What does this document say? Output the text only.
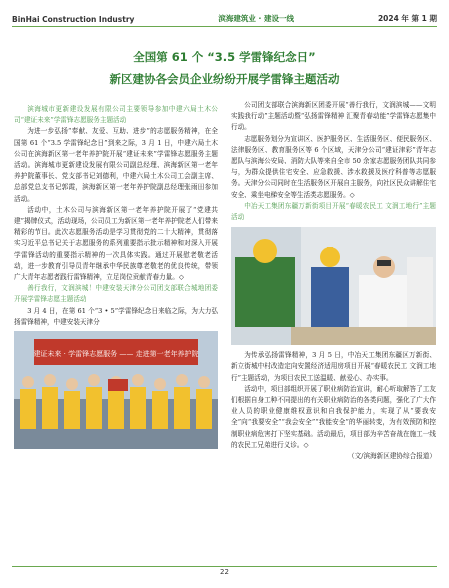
BinHai Construction Industry	滨海建筑业 · 建设一线	2024 年 第 1 期
全国第 61 个 “3.5 学雷锋纪念日”
新区建协各会员企业纷纷开展学雷锋主题活动

滨海城市更新建设发展有限公司主要领导参加中建六局土木公司“建证未来”学雷锋志愿服务主题活动

为进一步弘扬“奉献、友爱、互助、进步”的志愿服务精神，在全国第 61 个“3.5 学雷锋纪念日”到来之际，3 月 1 日，中建六局土木公司在滨海新区第一老年养护院开展“建证未来”学雷锋志愿服务主题活动。滨海城市更新建设发展有限公司副总经理、滨海新区第一老年养护院董事长、党支部书记刘德利，中建六局土木公司工会副主席、总部党总支书记郭霞，滨海新区第一老年养护院副总经理张雨田参加活动。

活动中，土木公司与滨海新区第一老年养护院开展了“党建共建”揭牌仪式，活动现场，公司员工为新区第一老年养护院老人们带来精彩的节目。此次志愿服务活动是学习贯彻党的二十大精神，贯彻落实习近平总书记关于志愿服务的系列重要指示批示精神和对深入开展学雷锋活动的重要指示精神的一次具体实践。通过开展慰老敬老活动，进一步教育引导员青年继承中华民族尊老敬老的优良传统，带领广大青年志愿者践行雷锋精神，立足岗位贡献青春力量。◇

善行我行，文润滨城！中建安装天津分公司团支部联合城地团委开展学雷锋志愿主题活动

3 月 4 日，在第 61 个“3 • 5”学雷锋纪念日来临之际，为大力弘扬雷锋精神，中建安装天津分

建证未来 · 学雷锋志愿服务 —— 走进第一老年养护院

公司团支部联合滨海新区团委开展“善行我行，文润滨城——文明实践我行动”主题活动暨“弘扬雷锋精神 汇聚青春动能”学雷锋志愿集中行动。

志愿服务划分为宣讲区、医护服务区、生活服务区、便民服务区、法律服务区、教育服务区等 6 个区域，天津分公司“建证津彩”青年志愿队与滨海公安局、消防大队等来自全市 50 余家志愿服务团队共同参与，为群众提供住宅安全、应急救援、涉水救援及医疗科普等志愿服务。天津分公司同时在生活服务区开展自主服务，向社区民众讲解住宅安全、乘坐电梯安全等生活类志愿服务。◇

中冶天工集团东疆万新街项目开展“春暖农民工 文润工地行”主题活动

为传承弘扬雷锋精神，3 月 5 日，中冶天工集团东疆区万新街、新立街城中村改造定向安置经济适用房项目开展“春暖农民工 文润工地行”主题活动，为项目农民工送温暖、献爱心、办实事。

活动中，项目部组织开展了职业病防治宣讲，耐心听取解答了工友们根据自身工种不同提出的有关职业病防治的各类问题，强化了广大作业人员的职业健康维权意识和自我保护能力，实现了从“要我安全”向“我要安全”“我会安全”“我能安全”的华丽转变，为有效预防和控制职业病危害打下坚实基础。活动最后，项目部为辛苦奋战在施工一线的农民工兄弟进行义诊。◇

（文/滨海新区建协综合报道）

22
